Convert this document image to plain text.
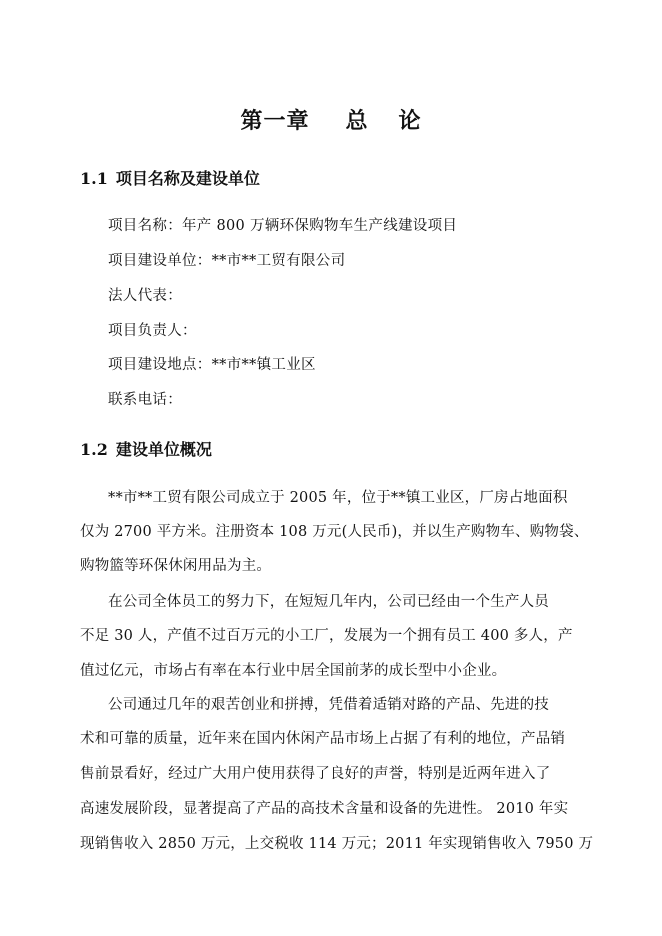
第一章 总 论
1.1 项目名称及建设单位
项目名称：年产 800 万辆环保购物车生产线建设项目
项目建设单位：**市**工贸有限公司
法人代表：
项目负责人：
项目建设地点：**市**镇工业区
联系电话：
1.2 建设单位概况
**市**工贸有限公司成立于 2005 年，位于**镇工业区，厂房占地面积
仅为 2700 平方米。注册资本 108 万元(人民币)，并以生产购物车、购物袋、
购物篮等环保休闲用品为主。
在公司全体员工的努力下，在短短几年内，公司已经由一个生产人员
不足 30 人，产值不过百万元的小工厂，发展为一个拥有员工 400 多人，产
值过亿元，市场占有率在本行业中居全国前茅的成长型中小企业。
公司通过几年的艰苦创业和拼搏，凭借着适销对路的产品、先进的技
术和可靠的质量，近年来在国内休闲产品市场上占据了有利的地位，产品销
售前景看好，经过广大用户使用获得了良好的声誉，特别是近两年进入了
高速发展阶段，显著提高了产品的高技术含量和设备的先进性。 2010 年实
现销售收入 2850 万元，上交税收 114 万元；2011 年实现销售收入 7950 万
